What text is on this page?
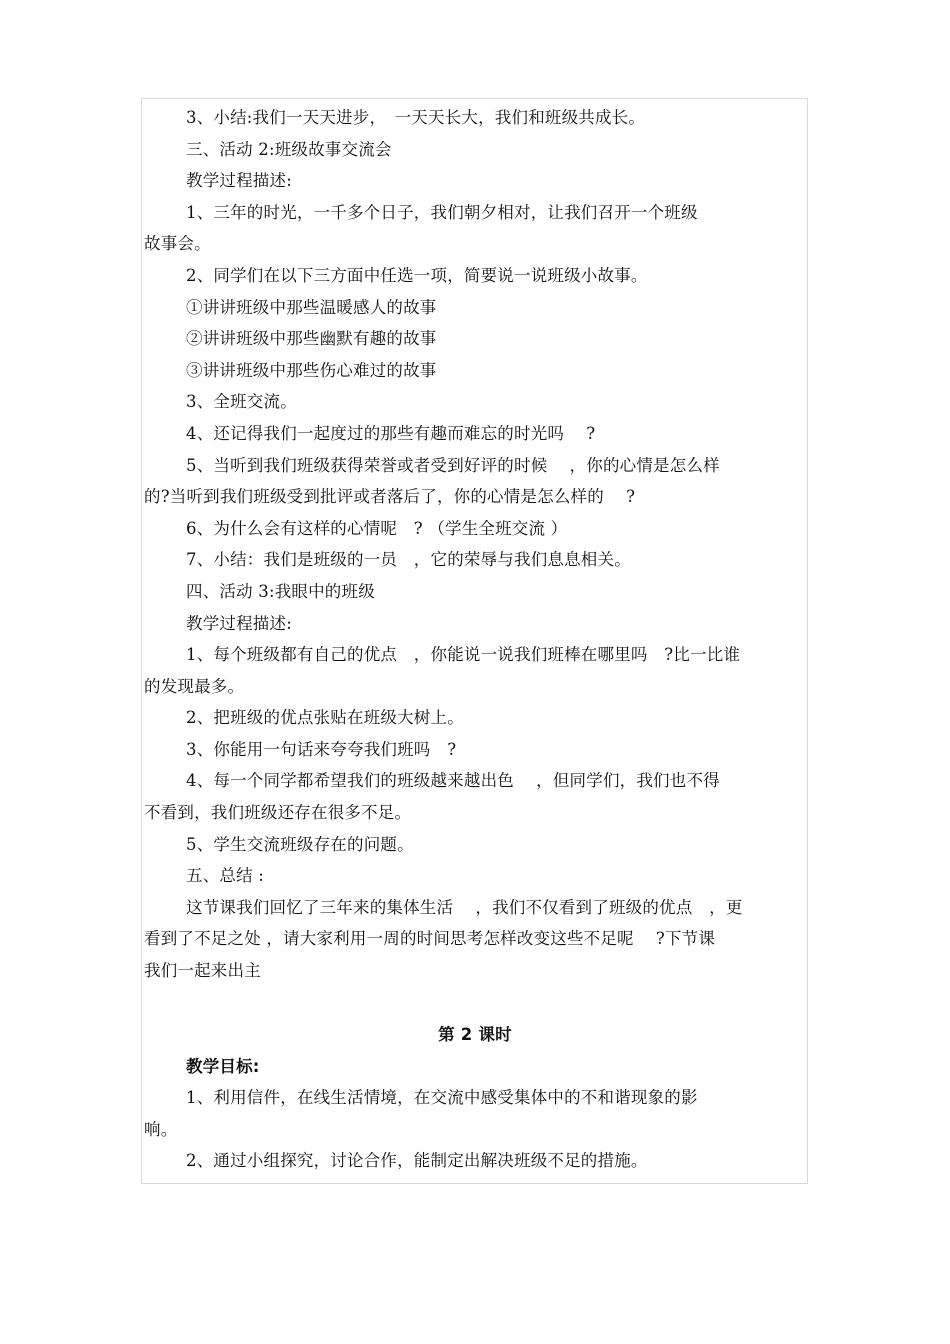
3、小结:我们一天天进步，　一天天长大，我们和班级共成长。
三、活动 2:班级故事交流会
教学过程描述:
1、三年的时光，一千多个日子，我们朝夕相对，让我们召开一个班级
故事会。
2、同学们在以下三方面中任选一项，简要说一说班级小故事。
①讲讲班级中那些温暖感人的故事
②讲讲班级中那些幽默有趣的故事
③讲讲班级中那些伤心难过的故事
3、全班交流。
4、还记得我们一起度过的那些有趣而难忘的时光吗　 ?
5、当听到我们班级获得荣誉或者受到好评的时候　 ，你的心情是怎么样
的?当听到我们班级受到批评或者落后了，你的心情是怎么样的　 ?
6、为什么会有这样的心情呢　? （学生全班交流 ）
7、小结：我们是班级的一员　，它的荣辱与我们息息相关。
四、活动 3:我眼中的班级
教学过程描述:
1、每个班级都有自己的优点　，你能说一说我们班棒在哪里吗　?比一比谁
的发现最多。
2、把班级的优点张贴在班级大树上。
3、你能用一句话来夸夸我们班吗　?
4、每一个同学都希望我们的班级越来越出色　 ，但同学们，我们也不得
不看到，我们班级还存在很多不足。
5、学生交流班级存在的问题。
五、总结 :
这节课我们回忆了三年来的集体生活　 ，我们不仅看到了班级的优点　，更
看到了不足之处 ，请大家利用一周的时间思考怎样改变这些不足呢　 ?下节课
我们一起来出主
第 2 课时
教学目标:
1、利用信件，在线生活情境，在交流中感受集体中的不和谐现象的影
响。
2、通过小组探究，讨论合作，能制定出解决班级不足的措施。
